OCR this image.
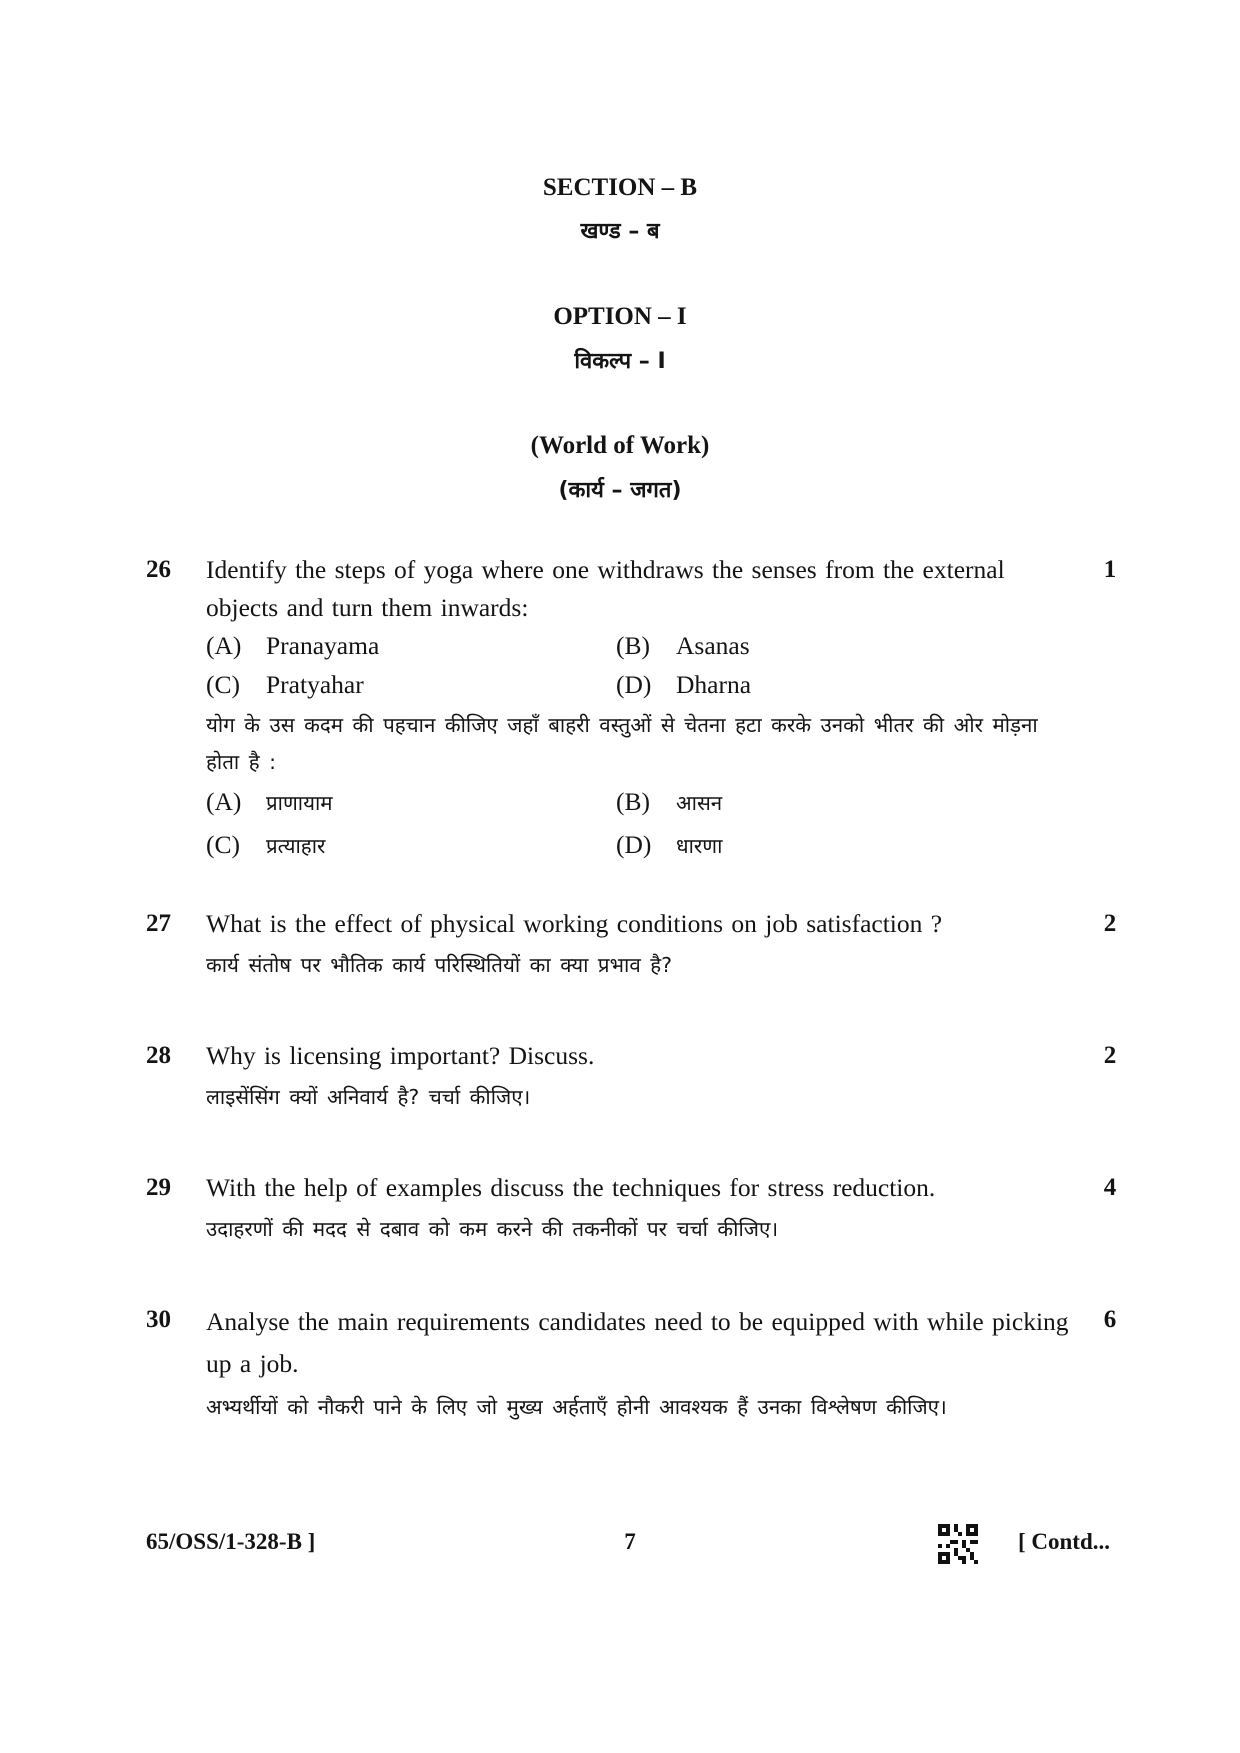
SECTION – B
खण्ड – ब
OPTION – I
विकल्प – I
(World of Work)
(कार्य – जगत)
26	1
Identify the steps of yoga where one withdraws the senses from the external objects and turn them inwards:
(A) Pranayama	(B) Asanas
(C) Pratyahar	(D) Dharna
योग के उस कदम की पहचान कीजिए जहाँ बाहरी वस्तुओं से चेतना हटा करके उनको भीतर की ओर मोड़ना होता है :
(A) प्राणायाम	(B) आसन
(C) प्रत्याहार	(D) धारणा
27	2
What is the effect of physical working conditions on job satisfaction ?
कार्य संतोष पर भौतिक कार्य परिस्थितियों का क्या प्रभाव है?
28	2
Why is licensing important? Discuss.
लाइसेंसिंग क्यों अनिवार्य है? चर्चा कीजिए।
29	4
With the help of examples discuss the techniques for stress reduction.
उदाहरणों की मदद से दबाव को कम करने की तकनीकों पर चर्चा कीजिए।
30	6
Analyse the main requirements candidates need to be equipped with while picking up a job.
अभ्यर्थीयों को नौकरी पाने के लिए जो मुख्य अर्हताएँ होनी आवश्यक हैं उनका विश्लेषण कीजिए।
65/OSS/1-328-B ]	7	[ Contd...
